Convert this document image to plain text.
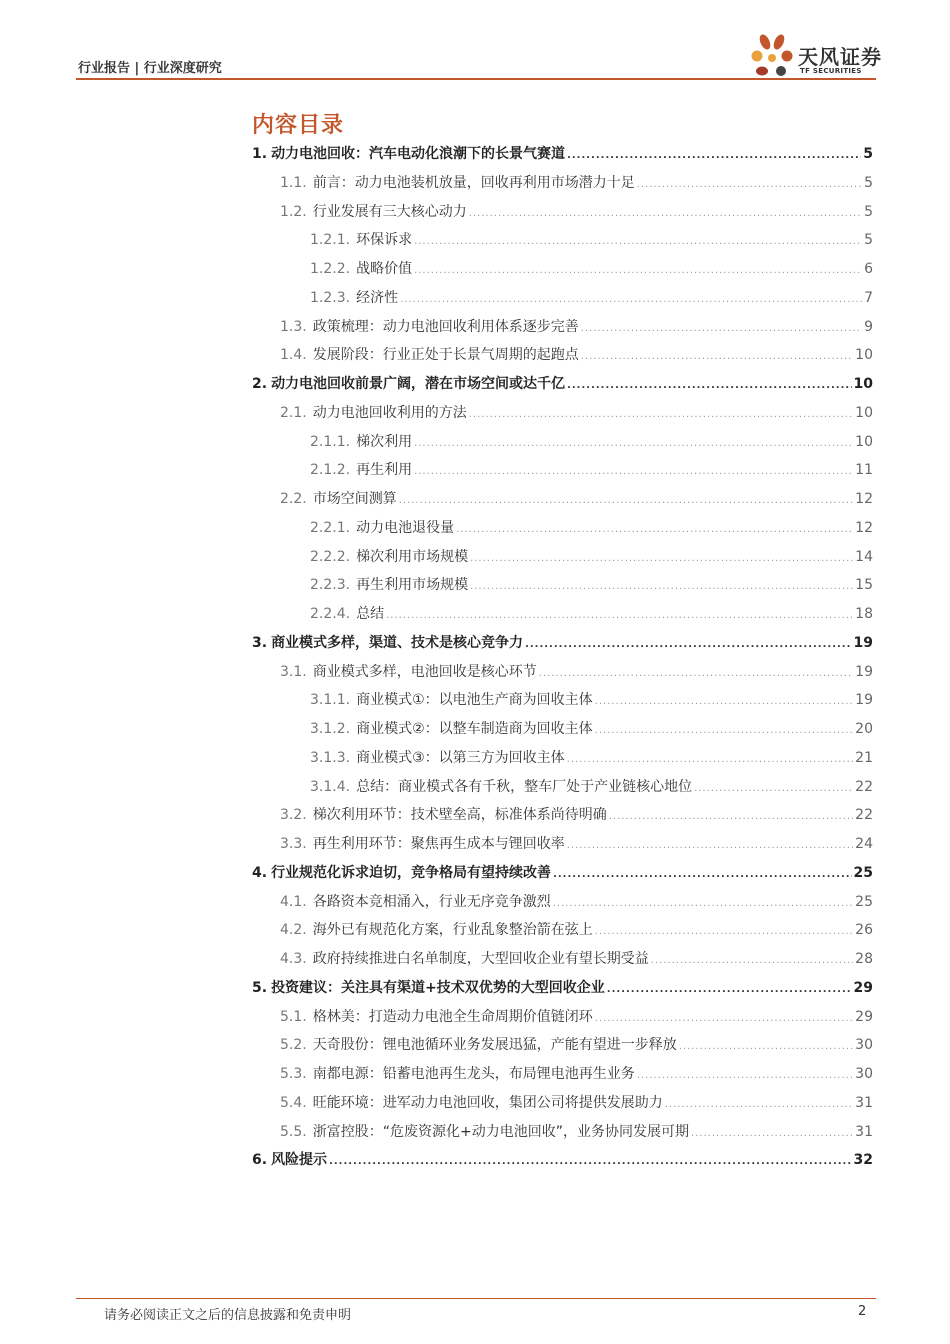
行业报告 | 行业深度研究	天风证券
TF SECURITIES
内容目录
1. 动力电池回收：汽车电动化浪潮下的长景气赛道 .....	5
1.1. 前言：动力电池装机放量，回收再利用市场潜力十足 .....	5
1.2. 行业发展有三大核心动力 .....	5
1.2.1. 环保诉求 .....	5
1.2.2. 战略价值 .....	6
1.2.3. 经济性 .....	7
1.3. 政策梳理：动力电池回收利用体系逐步完善 .....	9
1.4. 发展阶段：行业正处于长景气周期的起跑点 .....	10
2. 动力电池回收前景广阔，潜在市场空间或达千亿 .....	10
2.1. 动力电池回收利用的方法 .....	10
2.1.1. 梯次利用 .....	10
2.1.2. 再生利用 .....	11
2.2. 市场空间测算 .....	12
2.2.1. 动力电池退役量 .....	12
2.2.2. 梯次利用市场规模 .....	14
2.2.3. 再生利用市场规模 .....	15
2.2.4. 总结 .....	18
3. 商业模式多样，渠道、技术是核心竞争力 .....	19
3.1. 商业模式多样，电池回收是核心环节 .....	19
3.1.1. 商业模式①：以电池生产商为回收主体 .....	19
3.1.2. 商业模式②：以整车制造商为回收主体 .....	20
3.1.3. 商业模式③：以第三方为回收主体 .....	21
3.1.4. 总结：商业模式各有千秋，整车厂处于产业链核心地位 .....	22
3.2. 梯次利用环节：技术壁垒高，标准体系尚待明确 .....	22
3.3. 再生利用环节：聚焦再生成本与锂回收率 .....	24
4. 行业规范化诉求迫切，竞争格局有望持续改善 .....	25
4.1. 各路资本竞相涌入，行业无序竞争激烈 .....	25
4.2. 海外已有规范化方案，行业乱象整治箭在弦上 .....	26
4.3. 政府持续推进白名单制度，大型回收企业有望长期受益 .....	28
5. 投资建议：关注具有渠道+技术双优势的大型回收企业 .....	29
5.1. 格林美：打造动力电池全生命周期价值链闭环 .....	29
5.2. 天奇股份：锂电池循环业务发展迅猛，产能有望进一步释放 .....	30
5.3. 南都电源：铅蓄电池再生龙头，布局锂电池再生业务 .....	30
5.4. 旺能环境：进军动力电池回收，集团公司将提供发展助力 .....	31
5.5. 浙富控股：“危废资源化+动力电池回收”，业务协同发展可期 .....	31
6. 风险提示 .....	32
请务必阅读正文之后的信息披露和免责申明	2
